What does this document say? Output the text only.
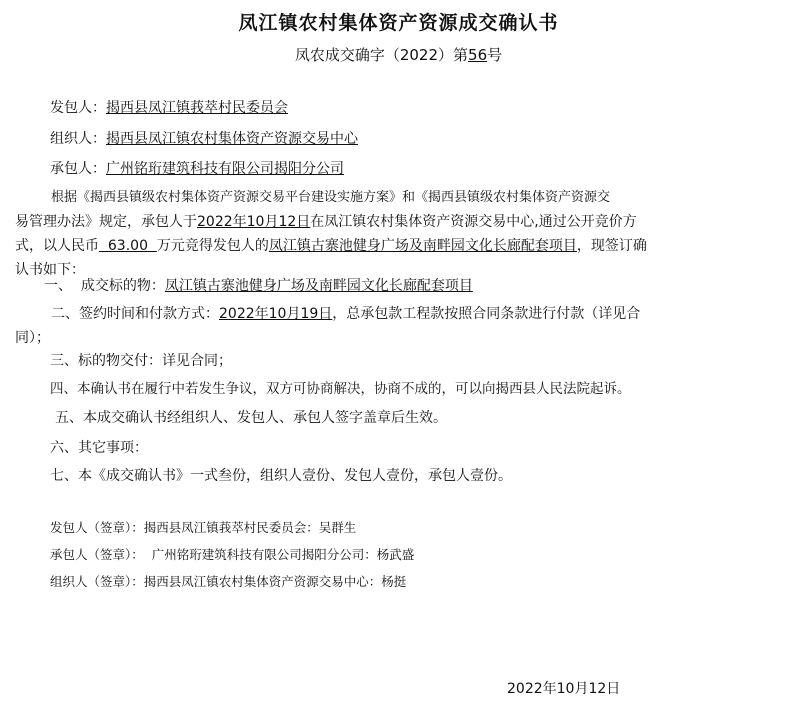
凤江镇农村集体资产资源成交确认书
凤农成交确字（2022）第56号
发包人：揭西县凤江镇莪萃村民委员会
组织人：揭西县凤江镇农村集体资产资源交易中心
承包人：广州铭珩建筑科技有限公司揭阳分公司
根据《揭西县镇级农村集体资产资源交易平台建设实施方案》和《揭西县镇级农村集体资产资源交
易管理办法》规定，承包人于2022年10月12日在凤江镇农村集体资产资源交易中心,通过公开竞价方
式，以人民币  63.00  万元竞得发包人的凤江镇古寨池健身广场及南畔园文化长廊配套项目，现签订确
认书如下：
一、  成交标的物：凤江镇古寨池健身广场及南畔园文化长廊配套项目
二、签约时间和付款方式：2022年10月19日，总承包款工程款按照合同条款进行付款（详见合
同）；
三、标的物交付：详见合同；
四、本确认书在履行中若发生争议，双方可协商解决，协商不成的，可以向揭西县人民法院起诉。
五、本成交确认书经组织人、发包人、承包人签字盖章后生效。
六、其它事项：
七、本《成交确认书》一式叁份，组织人壹份、发包人壹份，承包人壹份。
发包人（签章）：揭西县凤江镇莪萃村民委员会：吴群生
承包人（签章）：  广州铭珩建筑科技有限公司揭阳分公司：杨武盛
组织人（签章）：揭西县凤江镇农村集体资产资源交易中心：杨挺
2022年10月12日
